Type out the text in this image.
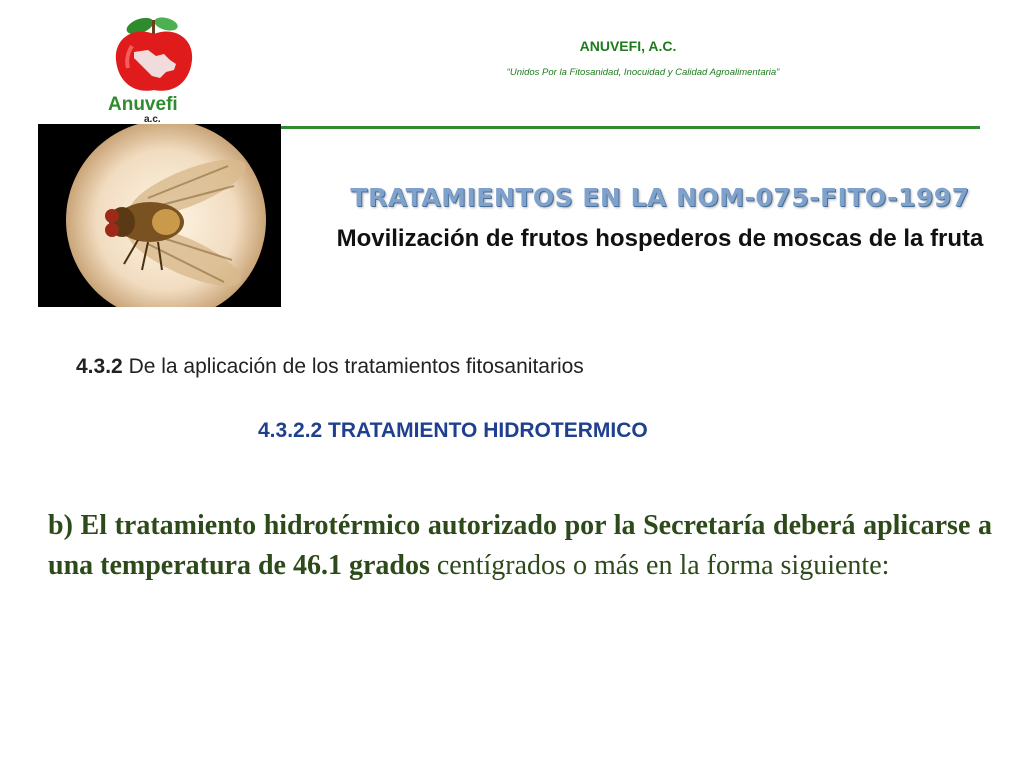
Anuvefi
a.c.
ANUVEFI, A.C.
“Unidos Por la Fitosanidad, Inocuidad y Calidad Agroalimentaria”
TRATAMIENTOS EN LA NOM-075-FITO-1997
Movilización de frutos hospederos de moscas de la fruta
4.3.2 De la aplicación de los tratamientos fitosanitarios
4.3.2.2 TRATAMIENTO HIDROTERMICO
b) El tratamiento hidrotérmico autorizado por la Secretaría deberá aplicarse a una temperatura de 46.1 grados centígrados o más en la forma siguiente:
